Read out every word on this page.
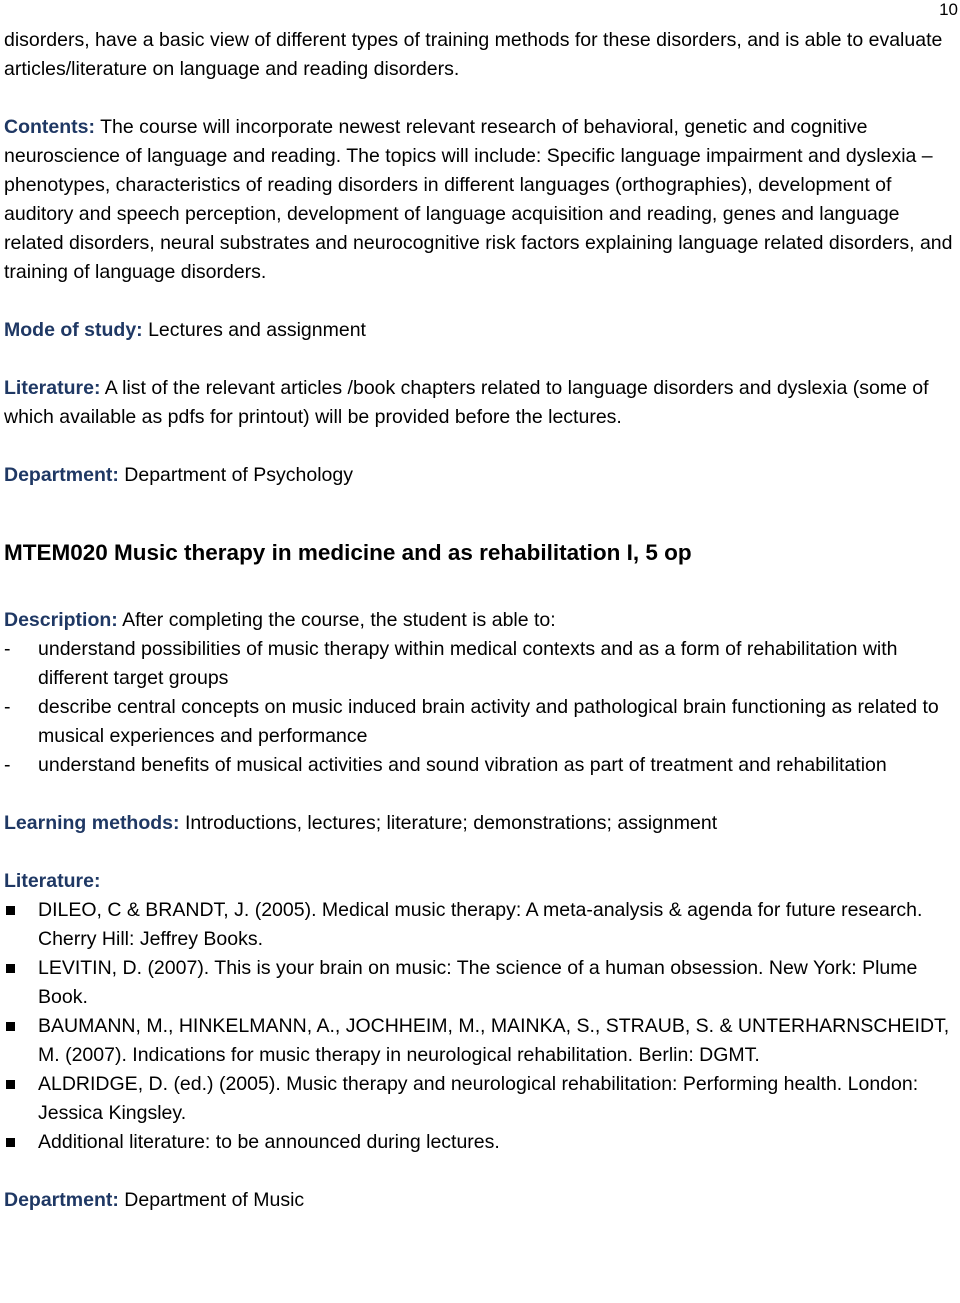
10

disorders, have a basic view of different types of training methods for these disorders, and is able to evaluate articles/literature on language and reading disorders.

Contents: The course will incorporate newest relevant research of behavioral, genetic and cognitive neuroscience of language and reading. The topics will include: Specific language impairment and dyslexia –phenotypes, characteristics of reading disorders in different languages (orthographies), development of auditory and speech perception, development of language acquisition and reading, genes and language related disorders, neural substrates and neurocognitive risk factors explaining language related disorders, and training of language disorders.

Mode of study: Lectures and assignment

Literature: A list of the relevant articles /book chapters related to language disorders and dyslexia (some of which available as pdfs for printout) will be provided before the lectures.

Department: Department of Psychology

MTEM020 Music therapy in medicine and as rehabilitation I, 5 op

Description: After completing the course, the student is able to:

- understand possibilities of music therapy within medical contexts and as a form of rehabilitation with different target groups
- describe central concepts on music induced brain activity and pathological brain functioning as related to musical experiences and performance
- understand benefits of musical activities and sound vibration as part of treatment and rehabilitation

Learning methods: Introductions, lectures; literature; demonstrations; assignment

Literature:

DILEO, C & BRANDT, J. (2005). Medical music therapy: A meta-analysis & agenda for future research. Cherry Hill: Jeffrey Books.
LEVITIN, D. (2007). This is your brain on music: The science of a human obsession. New York: Plume Book.
BAUMANN, M., HINKELMANN, A., JOCHHEIM, M., MAINKA, S., STRAUB, S. & UNTERHARNSCHEIDT, M. (2007). Indications for music therapy in neurological rehabilitation. Berlin: DGMT.
ALDRIDGE, D. (ed.) (2005). Music therapy and neurological rehabilitation: Performing health. London: Jessica Kingsley.
Additional literature: to be announced during lectures.

Department: Department of Music
